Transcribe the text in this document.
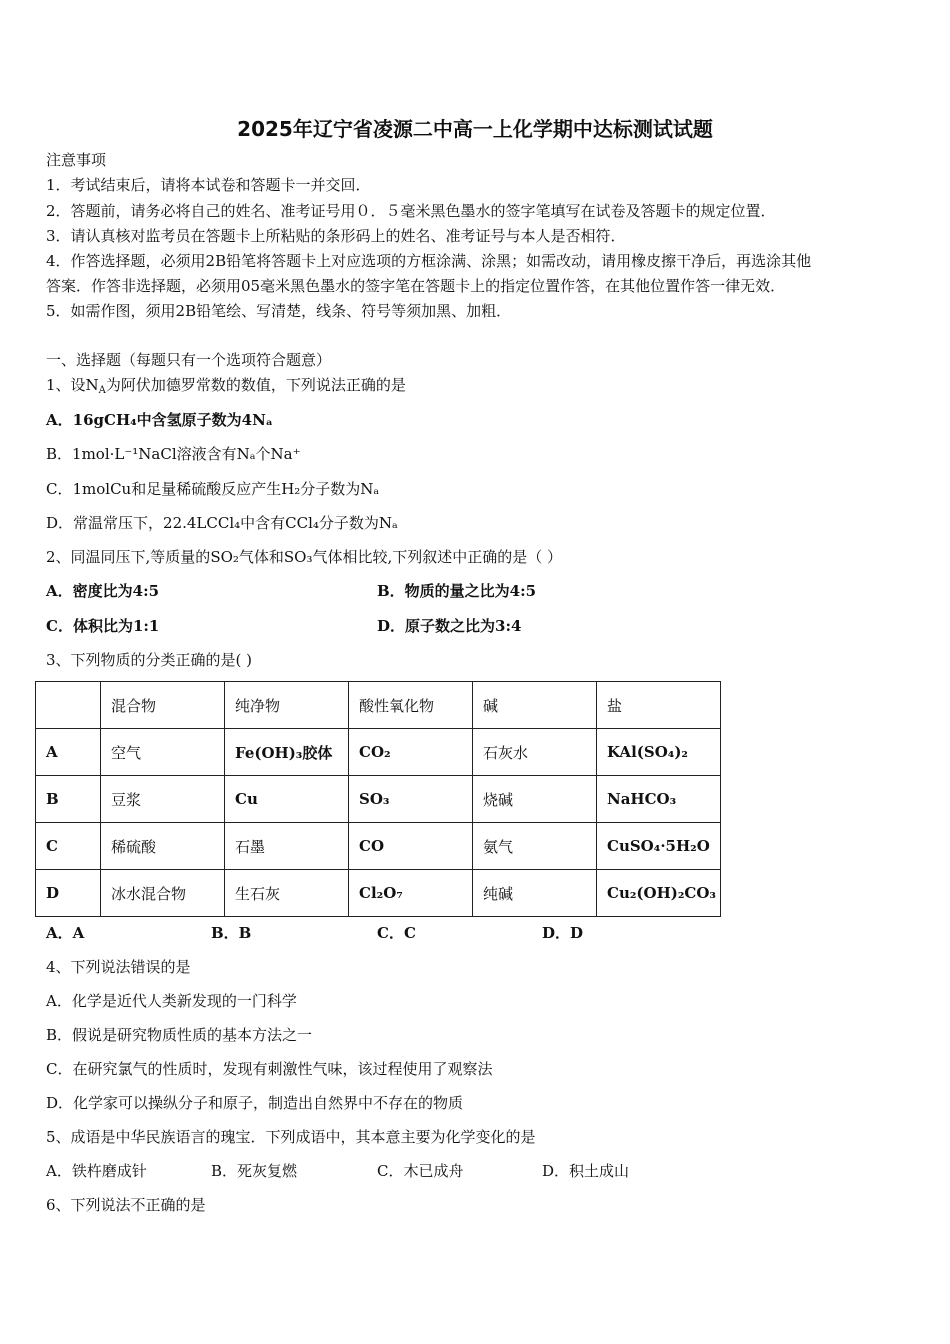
2025年辽宁省凌源二中高一上化学期中达标测试试题
注意事项
1．考试结束后，请将本试卷和答题卡一并交回．
2．答题前，请务必将自己的姓名、准考证号用０．５毫米黑色墨水的签字笔填写在试卷及答题卡的规定位置．
3．请认真核对监考员在答题卡上所粘贴的条形码上的姓名、准考证号与本人是否相符．
4．作答选择题，必须用2B铅笔将答题卡上对应选项的方框涂满、涂黑；如需改动，请用橡皮擦干净后，再选涂其他
答案．作答非选择题，必须用05毫米黑色墨水的签字笔在答题卡上的指定位置作答，在其他位置作答一律无效．
5．如需作图，须用2B铅笔绘、写清楚，线条、符号等须加黑、加粗．
一、选择题（每题只有一个选项符合题意）
1、设$N_A$为阿伏加德罗常数的数值，下列说法正确的是
A．16gCH₄中含氢原子数为4Nₐ
B．1mol·L⁻¹NaCl溶液含有Nₐ个Na⁺
C．1molCu和足量稀硫酸反应产生H₂分子数为Nₐ
D．常温常压下，22.4LCCl₄中含有CCl₄分子数为Nₐ
2、同温同压下,等质量的SO₂气体和SO₃气体相比较,下列叙述中正确的是（ ）
A．密度比为4:5	B．物质的量之比为4:5
C．体积比为1:1	D．原子数之比为3:4
3、下列物质的分类正确的是( )
	混合物	纯净物	酸性氧化物	碱	盐
A	空气	Fe(OH)₃胶体	CO₂	石灰水	KAl(SO₄)₂
B	豆浆	Cu	SO₃	烧碱	NaHCO₃
C	稀硫酸	石墨	CO	氨气	CuSO₄·5H₂O
D	冰水混合物	生石灰	Cl₂O₇	纯碱	Cu₂(OH)₂CO₃
A．A	B．B	C．C	D．D
4、下列说法错误的是
A．化学是近代人类新发现的一门科学
B．假说是研究物质性质的基本方法之一
C．在研究氯气的性质时，发现有刺激性气味，该过程使用了观察法
D．化学家可以操纵分子和原子，制造出自然界中不存在的物质
5、成语是中华民族语言的瑰宝．下列成语中，其本意主要为化学变化的是
A．铁杵磨成针	B．死灰复燃	C．木已成舟	D．积土成山
6、下列说法不正确的是
